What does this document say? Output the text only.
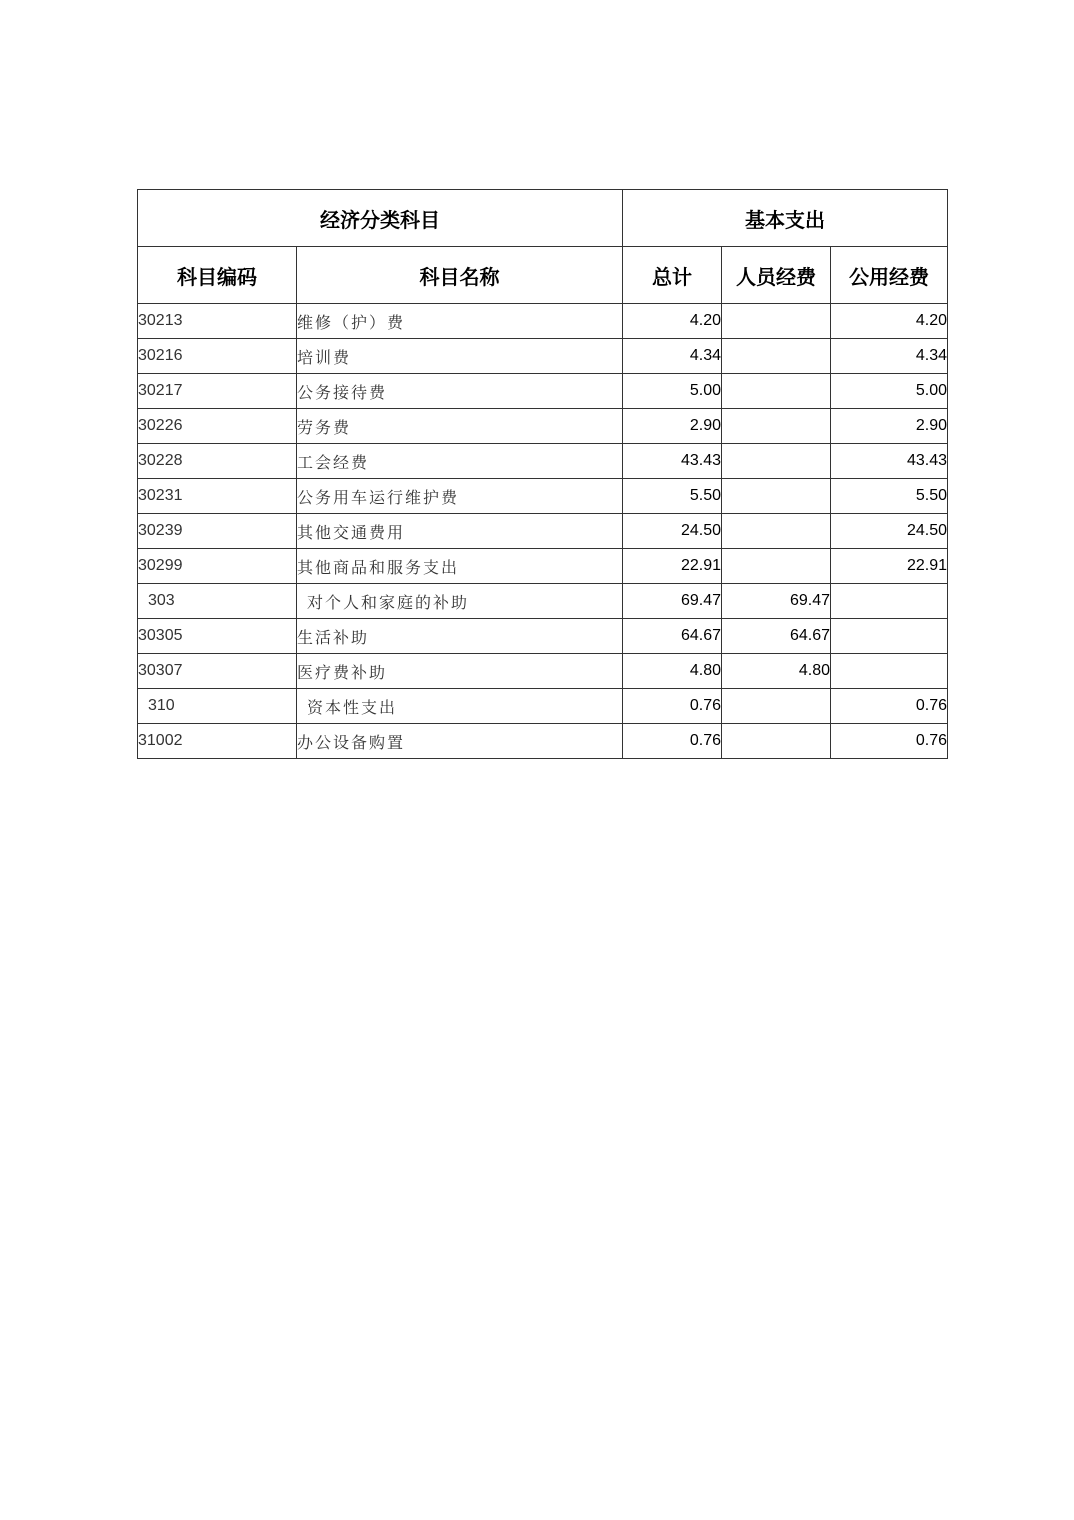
经济分类科目		基本支出		
科目编码	科目名称	总计	人员经费	公用经费
30213	维修（护）费	4.20		4.20
30216	培训费	4.34		4.34
30217	公务接待费	5.00		5.00
30226	劳务费	2.90		2.90
30228	工会经费	43.43		43.43
30231	公务用车运行维护费	5.50		5.50
30239	其他交通费用	24.50		24.50
30299	其他商品和服务支出	22.91		22.91
303	对个人和家庭的补助	69.47	69.47	
30305	生活补助	64.67	64.67	
30307	医疗费补助	4.80	4.80	
310	资本性支出	0.76		0.76
31002	办公设备购置	0.76		0.76
